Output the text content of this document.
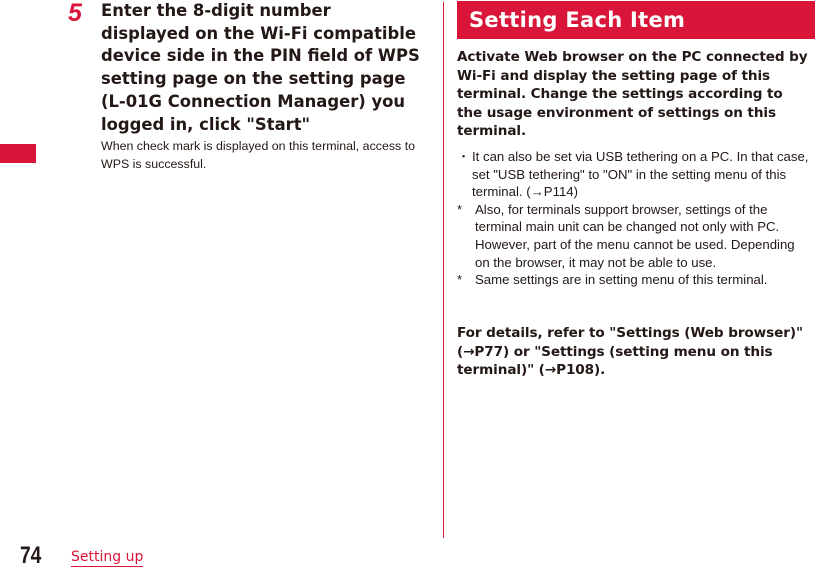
5 Enter the 8-digit number displayed on the Wi-Fi compatible device side in the PIN field of WPS setting page on the setting page (L-01G Connection Manager) you logged in, click "Start"
When check mark is displayed on this terminal, access to WPS is successful.
Setting Each Item
Activate Web browser on the PC connected by Wi-Fi and display the setting page of this terminal. Change the settings according to the usage environment of settings on this terminal.
・ It can also be set via USB tethering on a PC. In that case, set "USB tethering" to "ON" in the setting menu of this terminal. (→P114)
* Also, for terminals support browser, settings of the terminal main unit can be changed not only with PC. However, part of the menu cannot be used. Depending on the browser, it may not be able to use.
* Same settings are in setting menu of this terminal.
For details, refer to "Settings (Web browser)" (→P77) or "Settings (setting menu on this terminal)" (→P108).
74 Setting up
